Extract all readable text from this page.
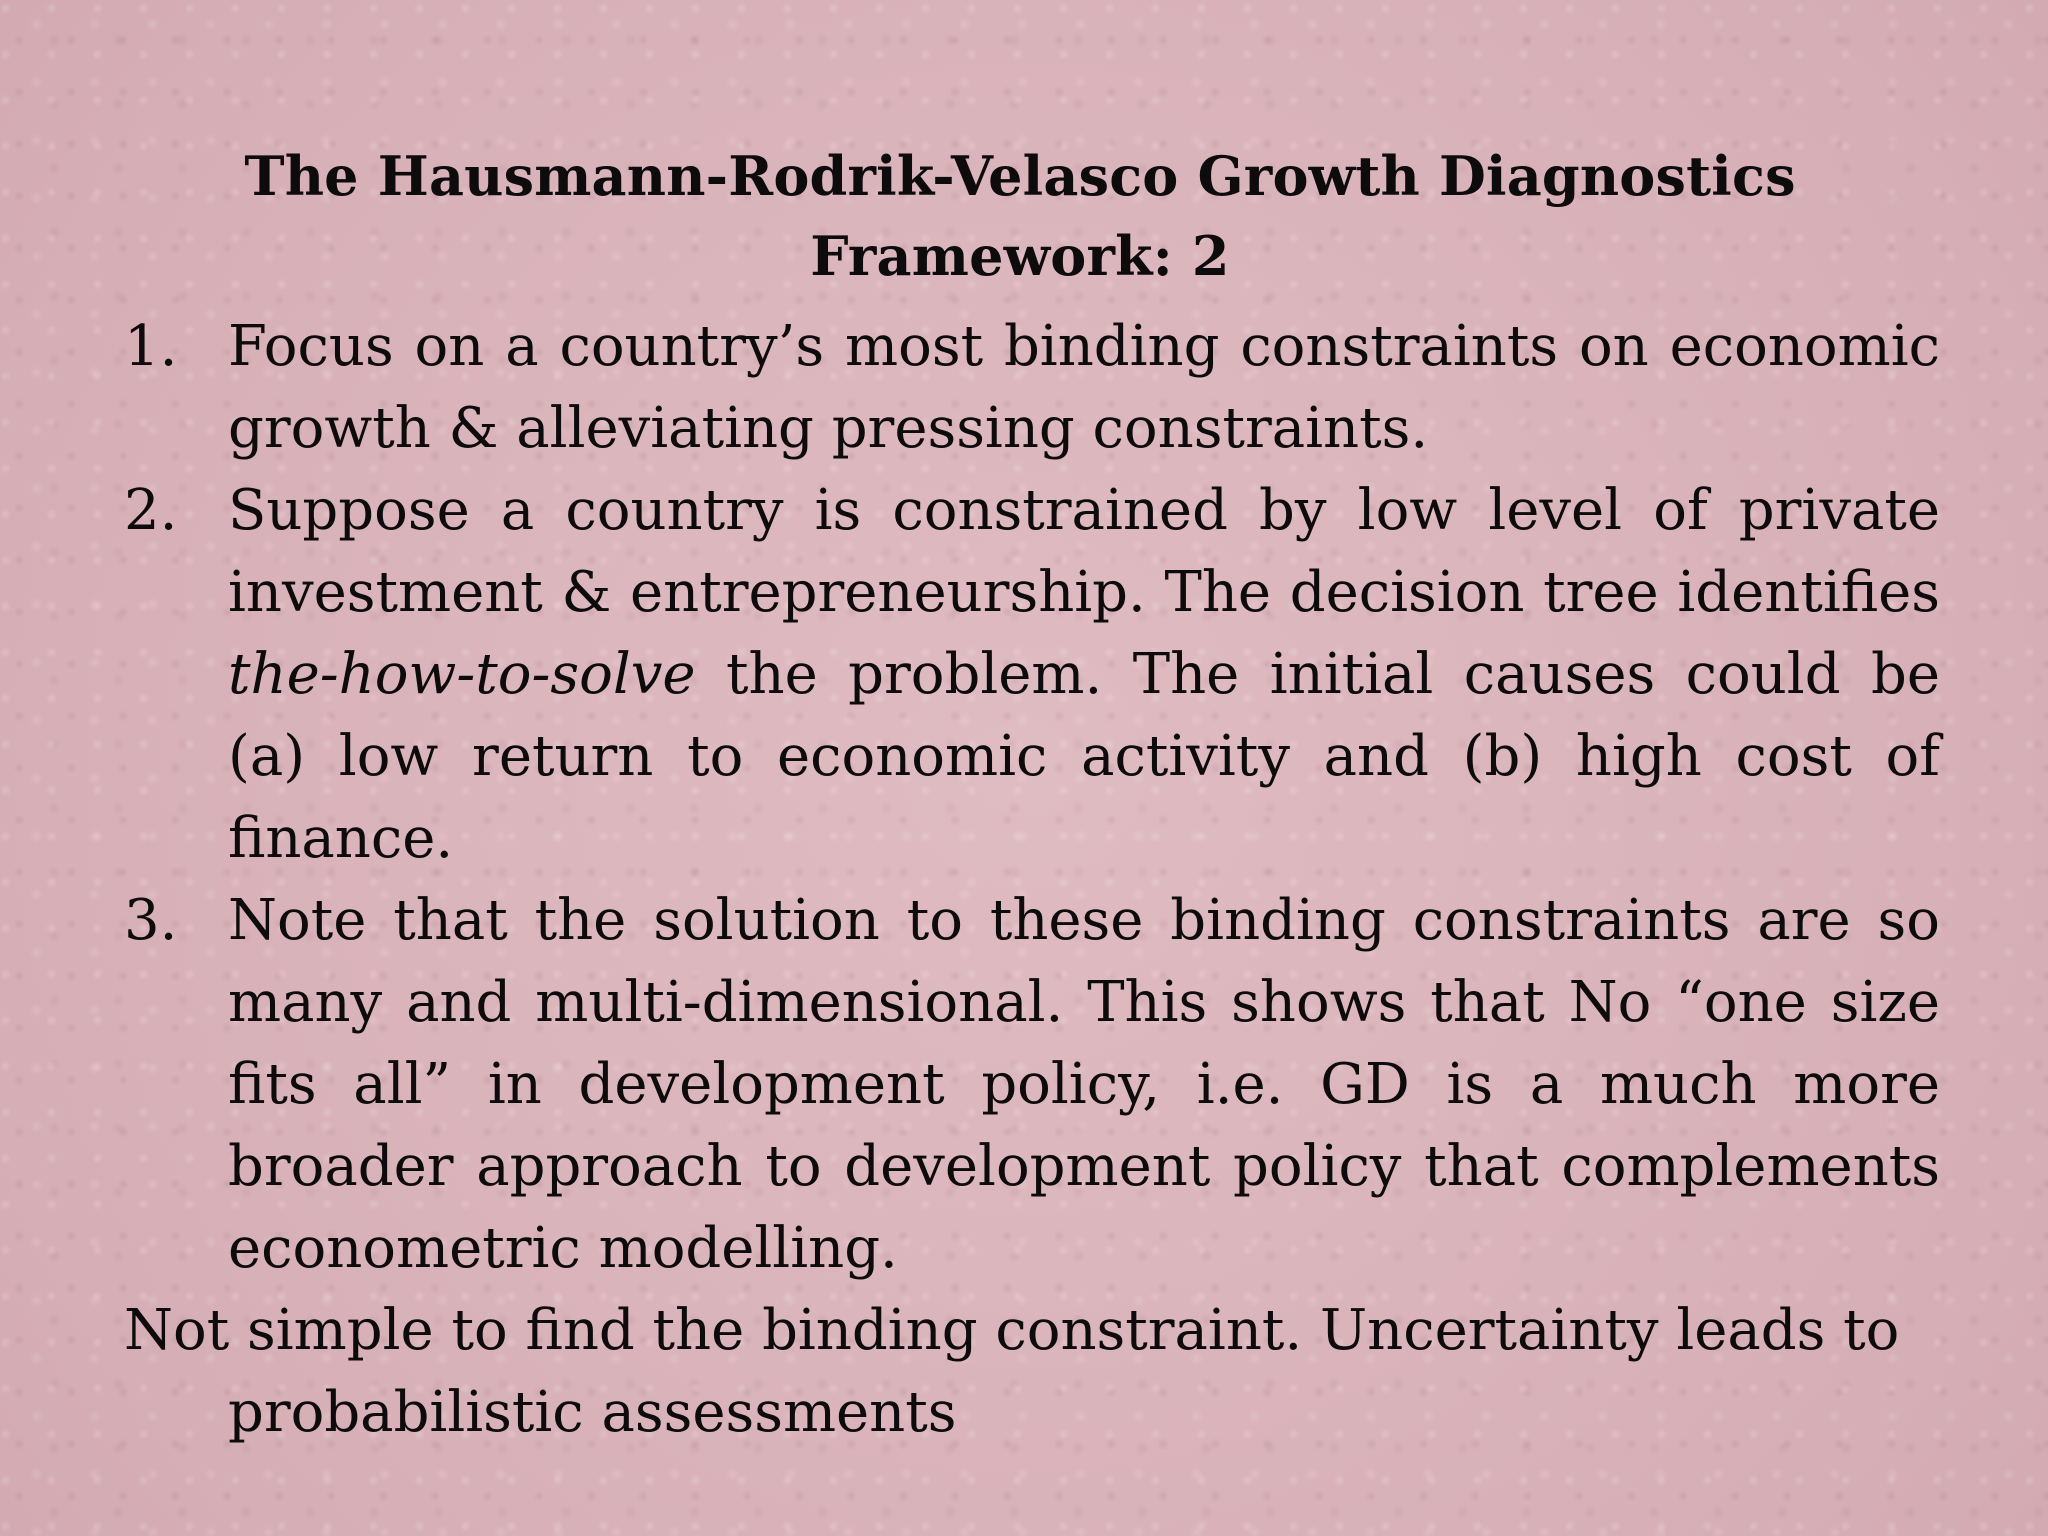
The Hausmann-Rodrik-Velasco Growth Diagnostics
Framework: 2
1. Focus on a country’s most binding constraints on economic growth & alleviating pressing constraints.
2. Suppose a country is constrained by low level of private investment & entrepreneurship. The decision tree identifies the-how-to-solve the problem. The initial causes could be (a) low return to economic activity and (b) high cost of finance.
3. Note that the solution to these binding constraints are so many and multi-dimensional. This shows that No “one size fits all” in development policy, i.e. GD is a much more broader approach to development policy that complements econometric modelling.
Not simple to find the binding constraint. Uncertainty leads to probabilistic assessments
